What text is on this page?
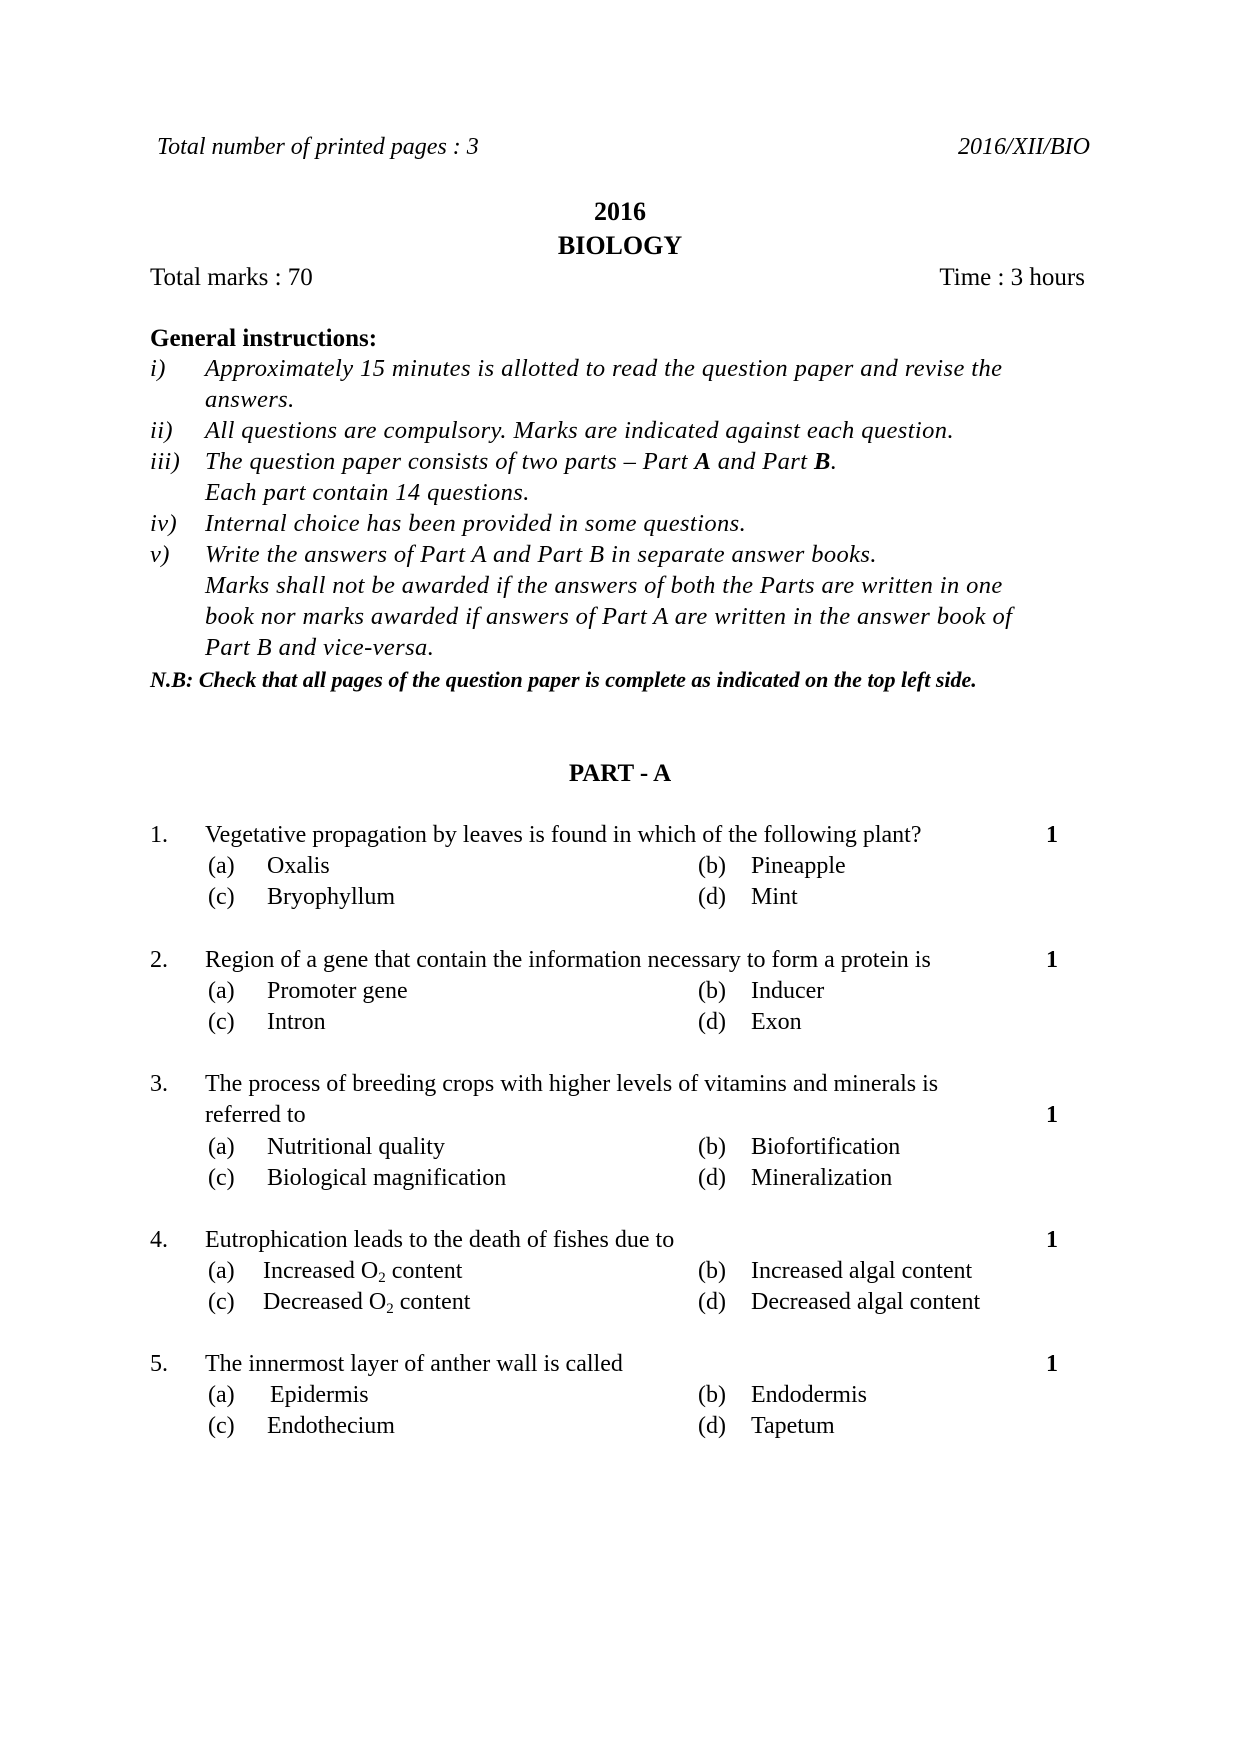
Total number of printed pages : 3	2016/XII/BIO
2016
BIOLOGY
Total marks : 70	Time : 3 hours
General instructions:
i) Approximately 15 minutes is allotted to read the question paper and revise the
answers.
ii) All questions are compulsory. Marks are indicated against each question.
iii) The question paper consists of two parts – Part A and Part B.
Each part contain 14 questions.
iv) Internal choice has been provided in some questions.
v) Write the answers of Part A and Part B in separate answer books.
Marks shall not be awarded if the answers of both the Parts are written in one
book nor marks awarded if answers of Part A are written in the answer book of
Part B and vice-versa.
N.B: Check that all pages of the question paper is complete as indicated on the top left side.
PART - A
1. Vegetative propagation by leaves is found in which of the following plant?	1
(a) Oxalis	(b) Pineapple
(c) Bryophyllum	(d) Mint
2. Region of a gene that contain the information necessary to form a protein is	1
(a) Promoter gene	(b) Inducer
(c) Intron	(d) Exon
3. The process of breeding crops with higher levels of vitamins and minerals is
referred to	1
(a) Nutritional quality	(b) Biofortification
(c) Biological magnification	(d) Mineralization
4. Eutrophication leads to the death of fishes due to	1
(a) Increased $O_2$ content	(b) Increased algal content
(c) Decreased $O_2$ content	(d) Decreased algal content
5. The innermost layer of anther wall is called	1
(a) Epidermis	(b) Endodermis
(c) Endothecium	(d) Tapetum
